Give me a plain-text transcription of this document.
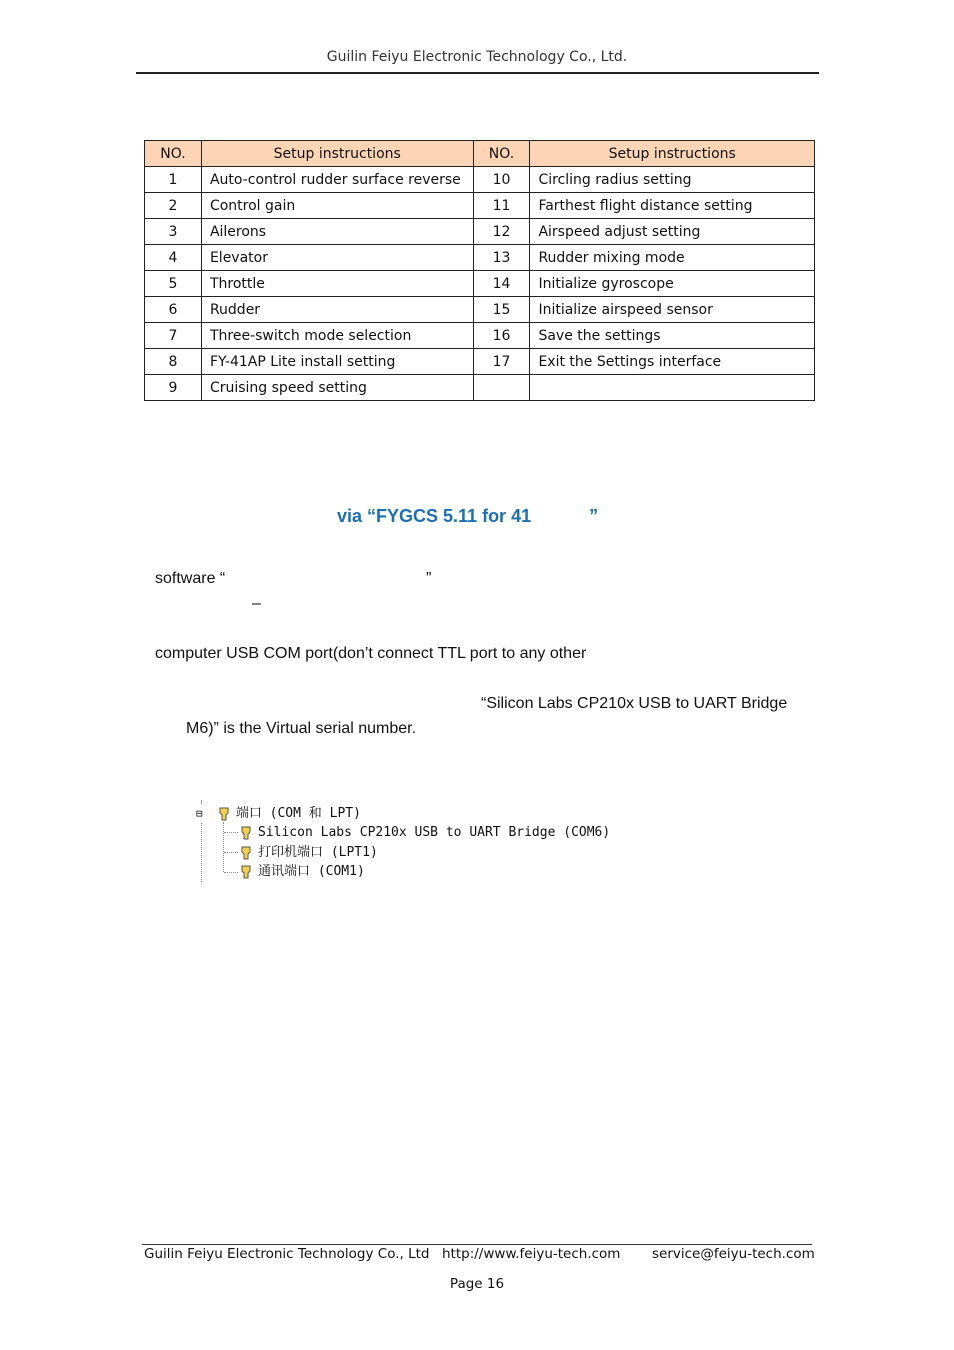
Guilin Feiyu Electronic Technology Co., Ltd.
NO.	Setup instructions	NO.	Setup instructions
1	Auto-control rudder surface reverse	10	Circling radius setting
2	Control gain	11	Farthest flight distance setting
3	Ailerons	12	Airspeed adjust setting
4	Elevator	13	Rudder mixing mode
5	Throttle	14	Initialize gyroscope
6	Rudder	15	Initialize airspeed sensor
7	Three-switch mode selection	16	Save the settings
8	FY-41AP Lite install setting	17	Exit the Settings interface
9	Cruising speed setting		
via “FYGCS 5.11 for 41	”
software “	”
–
computer USB COM port(don’t connect TTL port to any other
“Silicon Labs CP210x USB to UART Bridge
M6)” is the Virtual serial number.
⊟	端口 (COM 和 LPT)
Silicon Labs CP210x USB to UART Bridge (COM6)
打印机端口 (LPT1)
通讯端口 (COM1)
Guilin Feiyu Electronic Technology Co., Ltd http://www.feiyu-tech.com service@feiyu-tech.com
Page 16
